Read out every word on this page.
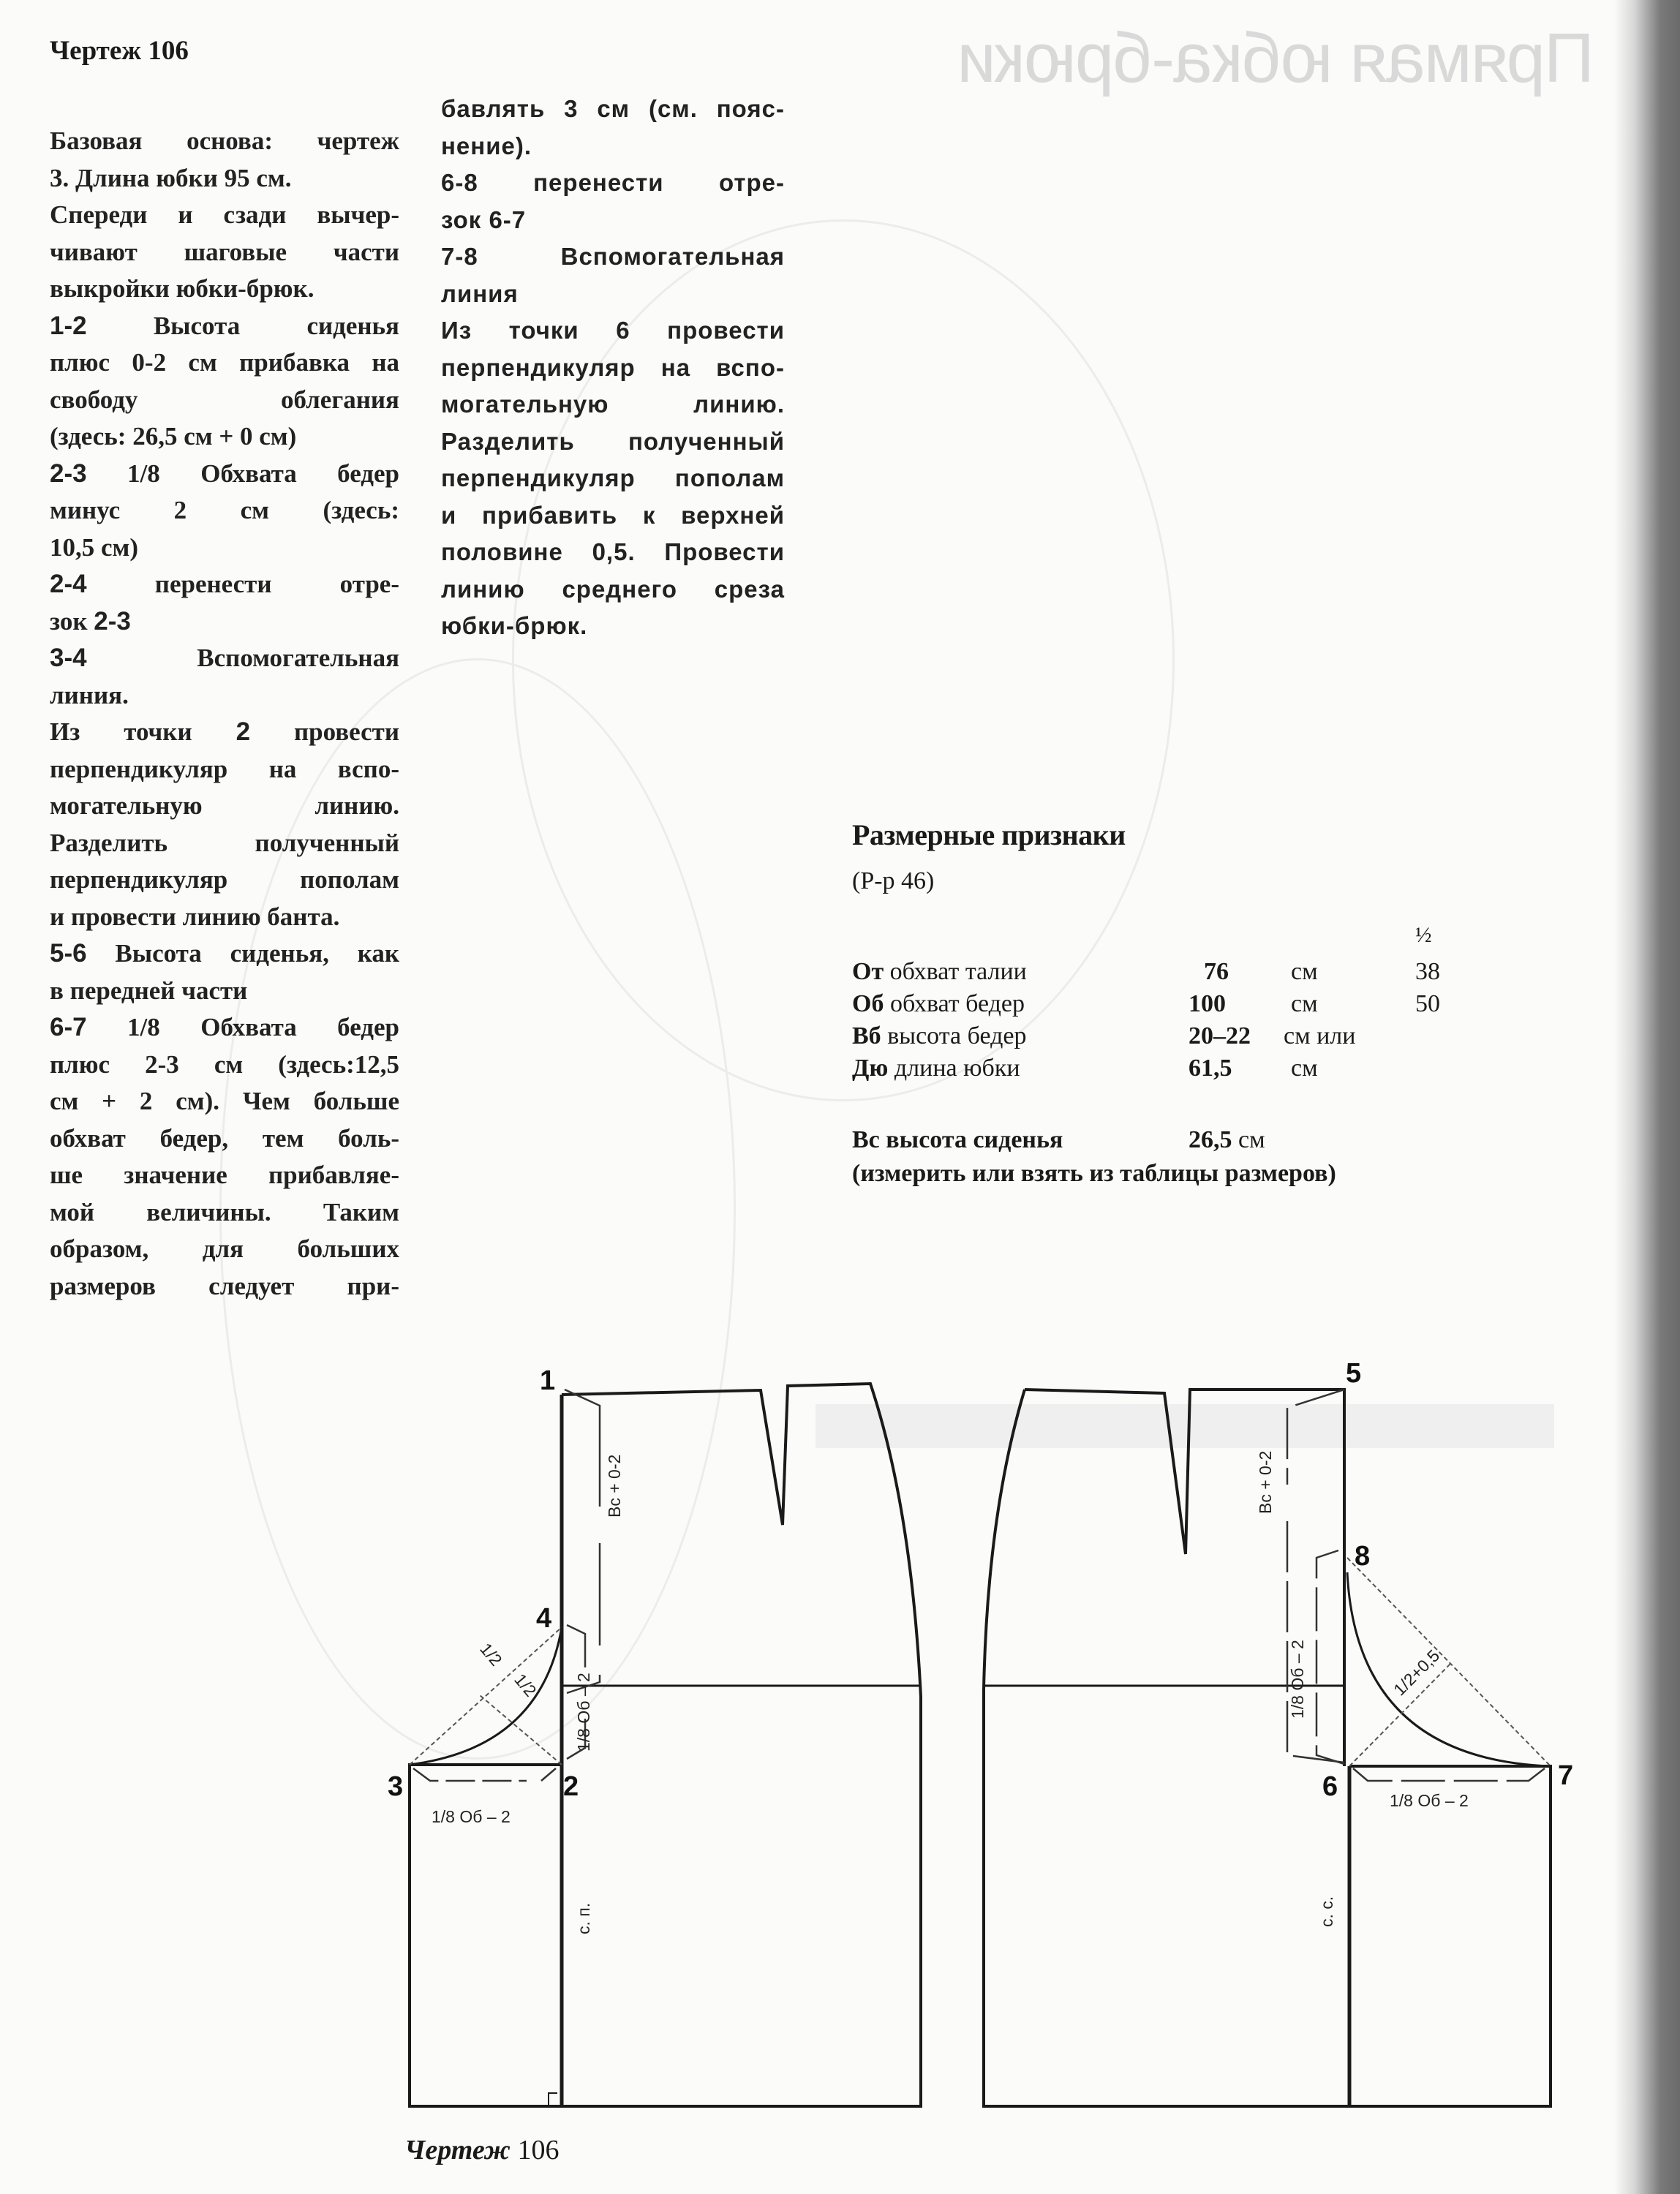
Прямая юбка-брюки
Чертеж 106
Базовая основа: чертеж
3. Длина юбки 95 см.
Спереди и сзади вычер-
чивают шаговые части
выкройки юбки-брюк.
1-2 Высота сиденья
плюс 0-2 см прибавка на
свободу облегания
(здесь: 26,5 см + 0 см)
2-3 1/8 Обхвата бедер
минус 2 см (здесь:
10,5 см)
2-4 перенести отре-
зок 2-3
3-4 Вспомогательная
линия.
Из точки 2 провести
перпендикуляр на вспо-
могательную линию.
Разделить полученный
перпендикуляр пополам
и провести линию банта.
5-6 Высота сиденья, как
в передней части
6-7 1/8 Обхвата бедер
плюс 2-3 см (здесь:12,5
см + 2 см). Чем больше
обхват бедер, тем боль-
ше значение прибавляе-
мой величины. Таким
образом, для больших
размеров следует при-
бавлять 3 см (см. пояс-
нение).
6-8 перенести отре-
зок 6-7
7-8 Вспомогательная
линия
Из точки 6 провести
перпендикуляр на вспо-
могательную линию.
Разделить полученный
перпендикуляр пополам
и прибавить к верхней
половине 0,5. Провести
линию среднего среза
юбки-брюк.
Размерные признаки
(Р-р 46)
½
От обхват талии	76	см	38
Об обхват бедер	100	см	50
Вб высота бедер	20–22	см или
Дю длина юбки	61,5	см
Вс высота сиденья	26,5 см
(измерить или взять из таблицы размеров)
1
2
3
4
5
6	7
8
Вс + 0-2
1/8 Об – 2
1/8 Об – 2
1/2
1/2
с. п.
Вс + 0-2
1/8 Об – 2
1/8 Об – 2
1/2+0,5
с. с.
Чертеж 106
